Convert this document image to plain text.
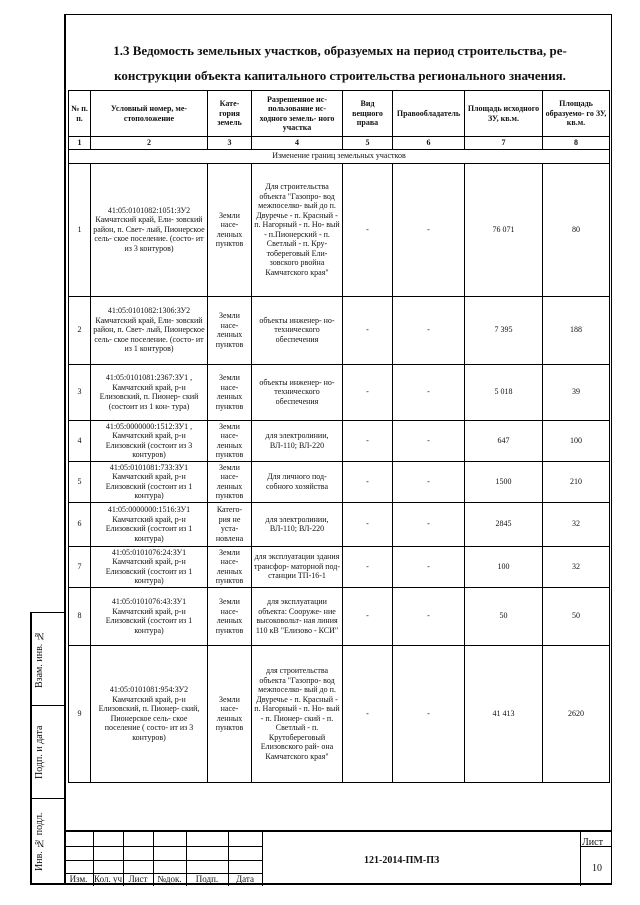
1.3 Ведомость земельных участков, образуемых на период строительства, ре-
конструкции объекта капитального строительства регионального значения.
№ п. п.	Условный номер, ме- стоположение	Кате- гория земель	Разрешенное ис- пользование ис- ходного земель- ного участка	Вид вещного права	Правообладатель	Площадь исходного ЗУ, кв.м.	Площадь образуемо- го ЗУ, кв.м.
1	2	3	4	5	6	7	8
Изменение границ земельных участков							
1	41:05:0101082:1051:ЗУ2 Камчатский край, Ели- зовский район, п. Свет- лый, Пионерское сель- ское поселение. (состо- ит из 3 контуров)	Земли насе- ленных пунктов	Для строительства объекта "Газопро- вод межпоселко- вый до п. Двуречье - п. Красный - п. Нагорный - п. Но- вый - п.Пионерский - п. Светлый - п. Кру- тобереговый Ели- зовского рвойна Камчатского края"	-	-	76 071	80
2	41:05:0101082:1306:ЗУ2 Камчатский край, Ели- зовский район, п. Свет- лый, Пионерское сель- ское поселение. (состо- ит из 1 контуров)	Земли насе- ленных пунктов	объекты инженер- но-технического обеспечения	-	-	7 395	188
3	41:05:0101081:2367:ЗУ1 , Камчатский край, р-н Елизовский, п. Пионер- ский (состоит из 1 кон- тура)	Земли насе- ленных пунктов	объекты инженер- но-технического обеспечения	-	-	5 018	39
4	41:05:0000000:1512:ЗУ1 , Камчатский край, р-н Елизовский (состоит из 3 контуров)	Земли насе- ленных пунктов	для электролинии, ВЛ-110; ВЛ-220	-	-	647	100
5	41:05:0101081:733:ЗУ1 Камчатский край, р-н Елизовский (состоит из 1 контура)	Земли насе- ленных пунктов	Для личного под- собного хозяйства	-	-	1500	210
6	41:05:0000000:1516:ЗУ1 Камчатский край, р-н Елизовский (состоит из 1 контура)	Катего- рия не уста- новлена	для электролинии, ВЛ-110; ВЛ-220	-	-	2845	32
7	41:05:0101076:24:ЗУ1 Камчатский край, р-н Елизовский (состоит из 1 контура)	Земли насе- ленных пунктов	для эксплуатации здания трансфор- маторной под- станции ТП-16-1	-	-	100	32
8	41:05:0101076:43:ЗУ1 Камчатский край, р-н Елизовский (состоит из 1 контура)	Земли насе- ленных пунктов	для эксплуатации объекта: Сооруже- ние высоковольт- ная линия 110 кВ "Елизово - КСИ"	-	-	50	50
9	41:05:0101081:954:ЗУ2 Камчатский край, р-н Елизовский, п. Пионер- ский, Пионерское сель- ское поселение ( состо- ит из 3 контуров)	Земли насе- ленных пунктов	для строительства объекта "Газопро- вод межпоселко- вый до п. Двуречье - п. Красный - п. Нагорный - п. Но- вый - п. Пионер- ский - п. Светлый - п. Крутобереговый Елизовского рай- она Камчатского края"	-	-	41 413	2620
Взам. инв. №
Подп. и дата
Инв. № подл.
Изм. Кол. уч Лист	№док.	Подп.	Дата
121-2014-ПМ-ПЗ
Лист
10
